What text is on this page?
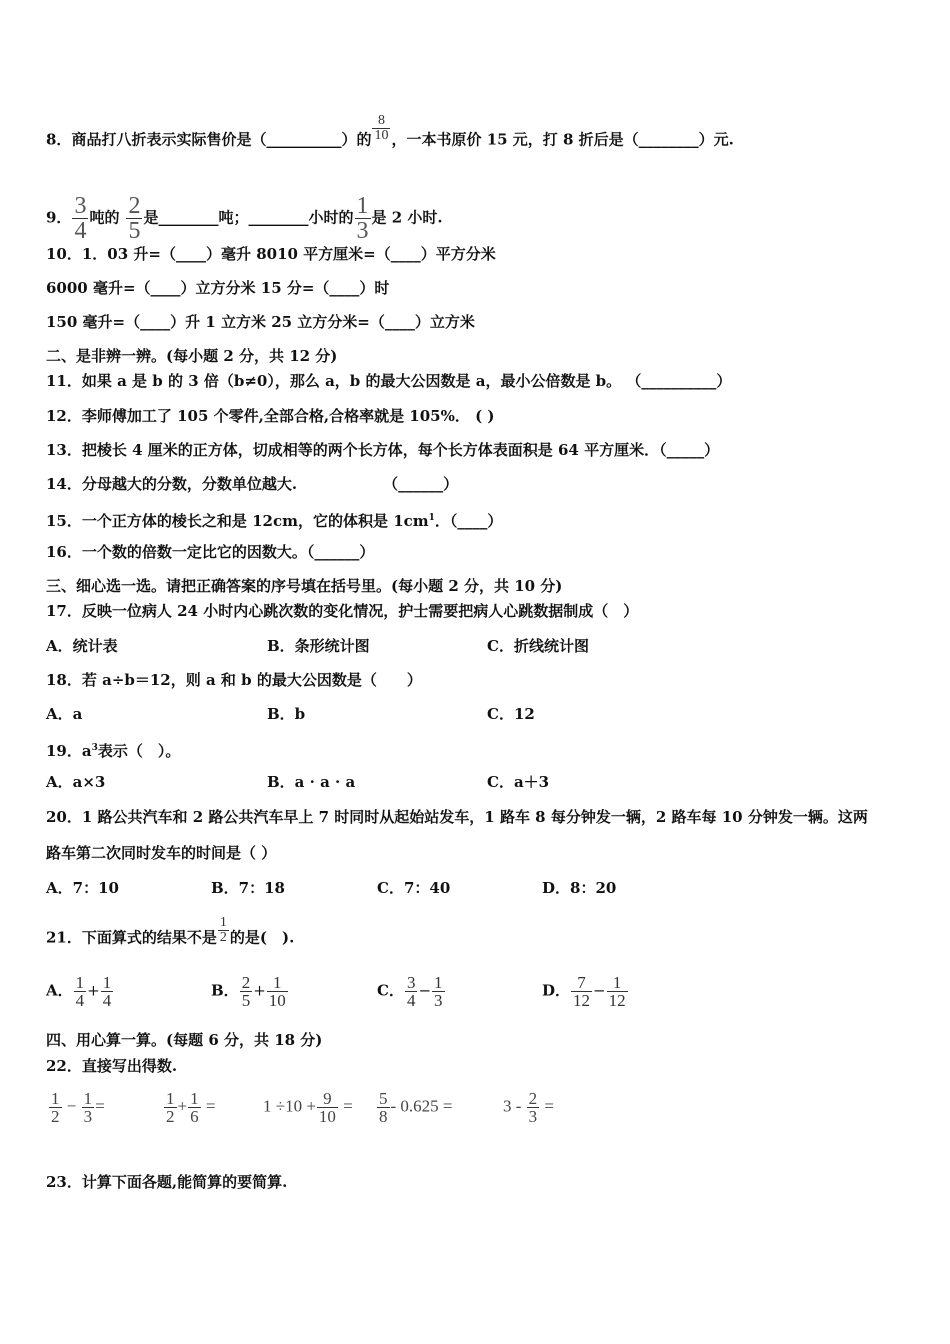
8．商品打八折表示实际售价是（__________）的 $\frac{8}{10}$ ，一本书原价 15 元，打 8 折后是（________）元.
9． $\frac{3}{4}$ 吨的 $\frac{2}{5}$ 是________吨；________小时的 $\frac{1}{3}$ 是 2 小时.
10．1．03 升=（____）毫升 8010 平方厘米=（____）平方分米
6000 毫升=（____）立方分米 15 分=（____）时
150 毫升=（____）升 1 立方米 25 立方分米=（____）立方米
二、是非辨一辨。(每小题 2 分，共 12 分)
11．如果 a 是 b 的 3 倍（b≠0），那么 a，b 的最大公因数是 a，最小公倍数是 b。 （__________）
12．李师傅加工了 105 个零件,全部合格,合格率就是 105%． ( )
13．把棱长 4 厘米的正方体，切成相等的两个长方体，每个长方体表面积是 64 平方厘米．（_____）
14．分母越大的分数，分数单位越大.	（______）
15．一个正方体的棱长之和是 12cm，它的体积是 $1cm^1$．（____）
16．一个数的倍数一定比它的因数大。（______）
三、细心选一选。请把正确答案的序号填在括号里。(每小题 2 分，共 10 分)
17．反映一位病人 24 小时内心跳次数的变化情况，护士需要把病人心跳数据制成（　）
A．统计表	B．条形统计图	C．折线统计图
18．若 a÷b＝12，则 a 和 b 的最大公因数是（　　）
A．a	B．b	C．12
19．$a^3$表示（　）。
A．a×3	B．a · a · a	C．a＋3
20．1 路公共汽车和 2 路公共汽车早上 7 时同时从起始站发车，1 路车 8 每分钟发一辆，2 路车每 10 分钟发一辆。这两
路车第二次同时发车的时间是（ ）
A．7：10	B．7：18	C．7：40	D．8：20
21．下面算式的结果不是 $\frac{1}{2}$ 的是(　).
A． $\frac{1}{4} + \frac{1}{4}$	B． $\frac{2}{5} + \frac{1}{10}$	C． $\frac{3}{4} - \frac{1}{3}$	D． $\frac{7}{12} - \frac{1}{12}$
四、用心算一算。(每题 6 分，共 18 分)
22．直接写出得数.
$\frac{1}{2} - \frac{1}{3}$ =	$\frac{1}{2} + \frac{1}{6}$ =	$1 \div 10 + \frac{9}{10} = \frac{5}{8} - 0.625$ =	$3 - \frac{2}{3}$ =
23．计算下面各题,能简算的要简算.
